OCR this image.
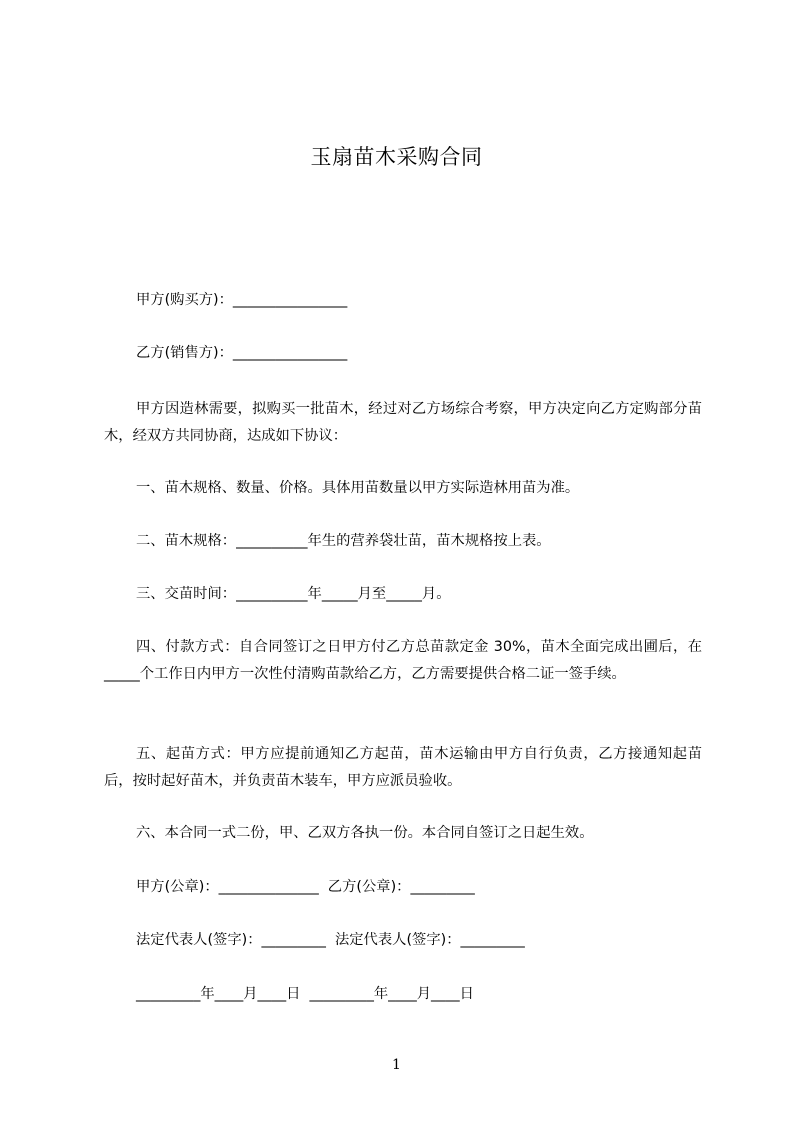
玉扇苗木采购合同
甲方(购买方)：________________
乙方(销售方)：________________
甲方因造林需要，拟购买一批苗木，经过对乙方场综合考察，甲方决定向乙方定购部分苗木，经双方共同协商，达成如下协议：
一、苗木规格、数量、价格。具体用苗数量以甲方实际造林用苗为准。
二、苗木规格：__________年生的营养袋壮苗，苗木规格按上表。
三、交苗时间：__________年_____月至_____月。
四、付款方式：自合同签订之日甲方付乙方总苗款定金 30%，苗木全面完成出圃后，在_____个工作日内甲方一次性付清购苗款给乙方，乙方需要提供合格二证一签手续。
五、起苗方式：甲方应提前通知乙方起苗，苗木运输由甲方自行负责，乙方接通知起苗后，按时起好苗木，并负责苗木装车，甲方应派员验收。
六、本合同一式二份，甲、乙双方各执一份。本合同自签订之日起生效。
甲方(公章)：______________  乙方(公章)：_________
法定代表人(签字)：_________  法定代表人(签字)：_________
_________年____月____日  _________年____月____日
1
